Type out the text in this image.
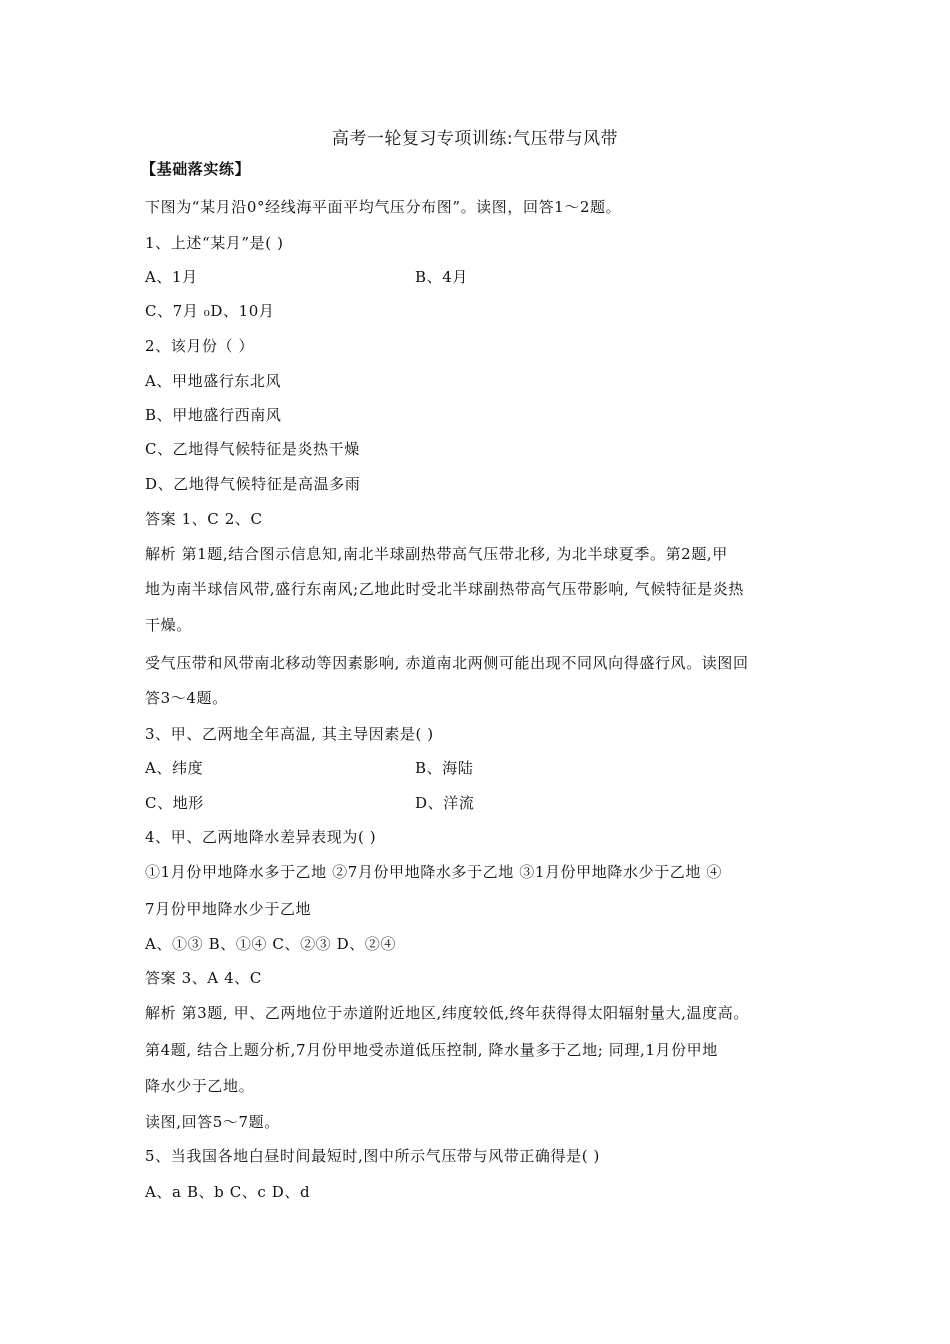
高考一轮复习专项训练:气压带与风带
【基础落实练】
下图为“某月沿0°经线海平面平均气压分布图”。读图，回答1～2题。
1、上述“某月”是( )
A、1月	B、4月
C、7月 ₀D、10月
2、该月份（ ）
A、甲地盛行东北风
B、甲地盛行西南风
C、乙地得气候特征是炎热干燥
D、乙地得气候特征是高温多雨
答案 1、C 2、C
解析 第1题,结合图示信息知,南北半球副热带高气压带北移, 为北半球夏季。第2题,甲
地为南半球信风带,盛行东南风;乙地此时受北半球副热带高气压带影响, 气候特征是炎热
干燥。
受气压带和风带南北移动等因素影响, 赤道南北两侧可能出现不同风向得盛行风。读图回
答3～4题。
3、甲、乙两地全年高温, 其主导因素是( )
A、纬度	B、海陆
C、地形	D、洋流
4、甲、乙两地降水差异表现为( )
①1月份甲地降水多于乙地 ②7月份甲地降水多于乙地 ③1月份甲地降水少于乙地 ④
7月份甲地降水少于乙地
A、①③ B、①④ C、②③ D、②④
答案 3、A 4、C
解析 第3题, 甲、乙两地位于赤道附近地区,纬度较低,终年获得得太阳辐射量大,温度高。
第4题, 结合上题分析,7月份甲地受赤道低压控制, 降水量多于乙地; 同理,1月份甲地
降水少于乙地。
读图,回答5～7题。
5、当我国各地白昼时间最短时,图中所示气压带与风带正确得是( )
A、a B、b C、c D、d
